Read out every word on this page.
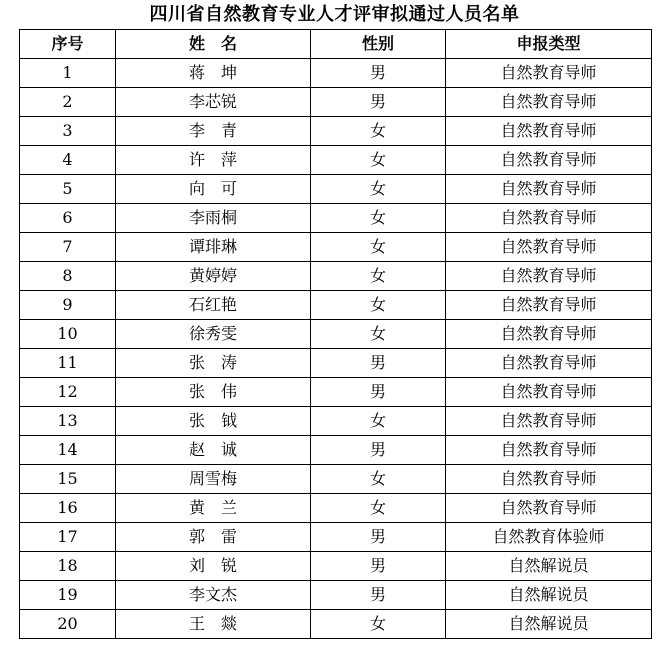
四川省自然教育专业人才评审拟通过人员名单
序号	姓　名	性别	申报类型
1	蒋　坤	男	自然教育导师
2	李芯锐	男	自然教育导师
3	李　青	女	自然教育导师
4	许　萍	女	自然教育导师
5	向　可	女	自然教育导师
6	李雨桐	女	自然教育导师
7	谭琲琳	女	自然教育导师
8	黄婷婷	女	自然教育导师
9	石红艳	女	自然教育导师
10	徐秀雯	女	自然教育导师
11	张　涛	男	自然教育导师
12	张　伟	男	自然教育导师
13	张　钺	女	自然教育导师
14	赵　诚	男	自然教育导师
15	周雪梅	女	自然教育导师
16	黄　兰	女	自然教育导师
17	郭　雷	男	自然教育体验师
18	刘　锐	男	自然解说员
19	李文杰	男	自然解说员
20	王　燚	女	自然解说员
